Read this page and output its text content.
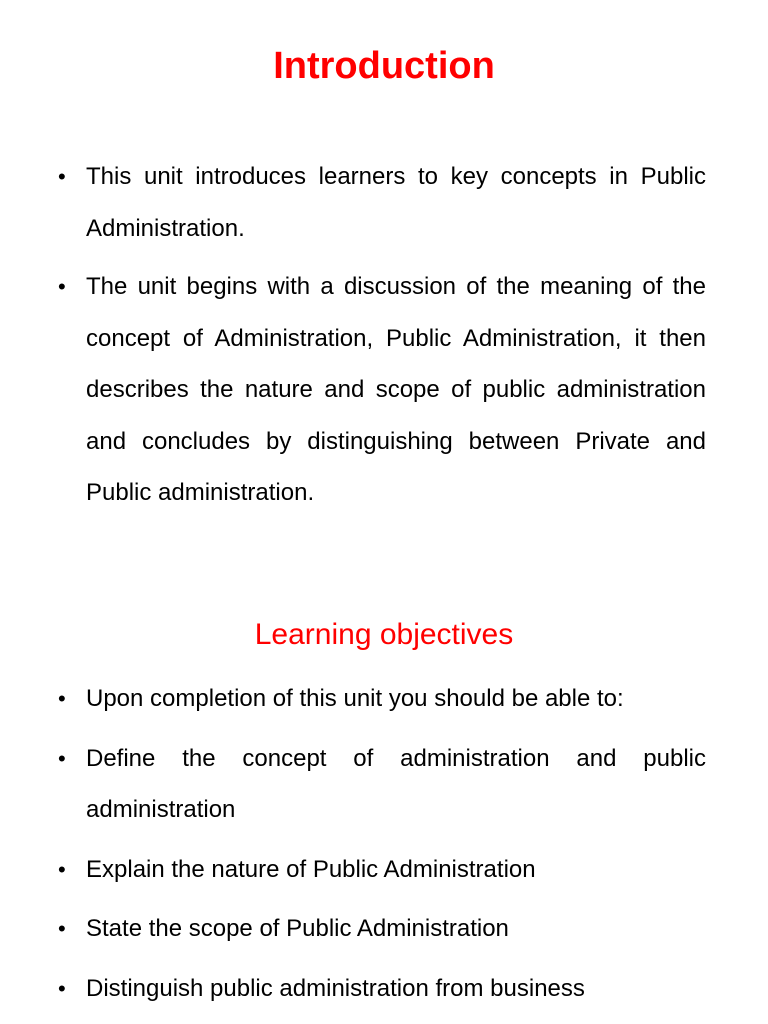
Introduction
• This unit introduces learners to key concepts in Public Administration.
• The unit begins with a discussion of the meaning of the concept of Administration, Public Administration, it then describes the nature and scope of public administration and concludes by distinguishing between Private and Public administration.
Learning objectives
• Upon completion of this unit you should be able to:
• Define the concept of administration and public administration
• Explain the nature of Public Administration
• State the scope of Public Administration
• Distinguish public administration from business
